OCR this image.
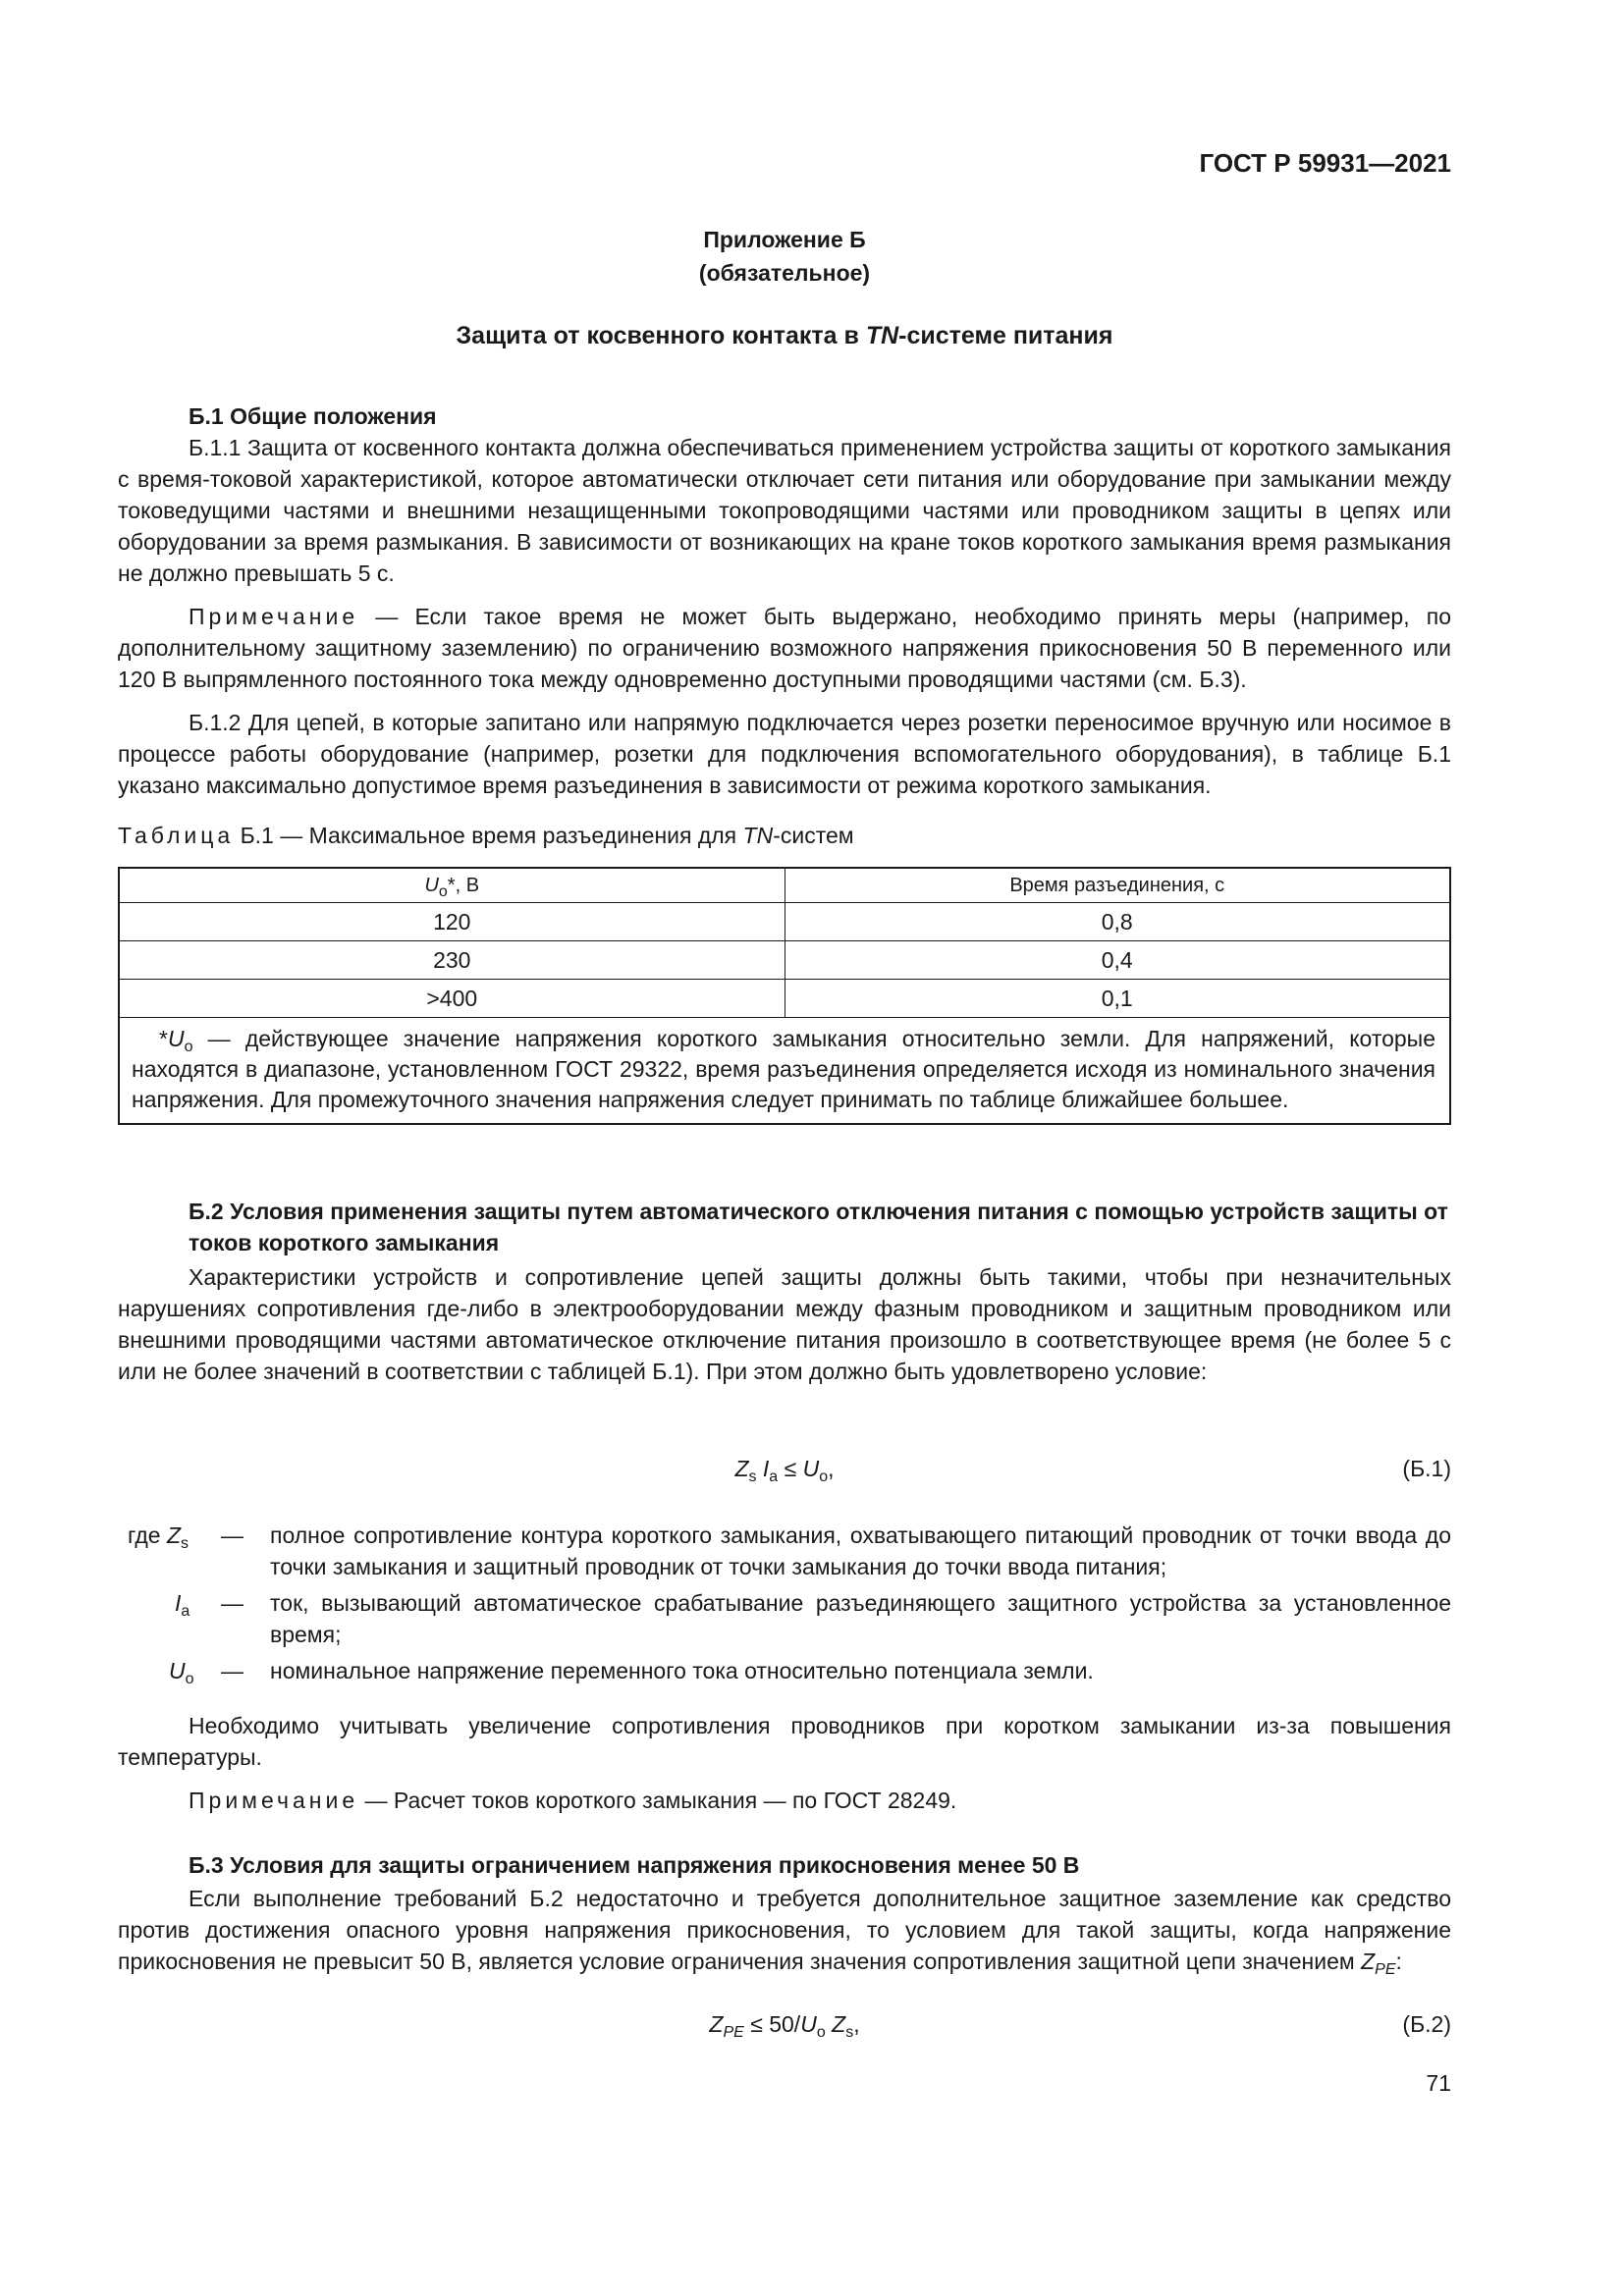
ГОСТ Р 59931—2021
Приложение Б
(обязательное)
Защита от косвенного контакта в TN-системе питания
Б.1 Общие положения

Б.1.1 Защита от косвенного контакта должна обеспечиваться применением устройства защиты от короткого замыкания с время-токовой характеристикой, которое автоматически отключает сети питания или оборудование при замыкании между токоведущими частями и внешними незащищенными токопроводящими частями или проводником защиты в цепях или оборудовании за время размыкания. В зависимости от возникающих на кране токов короткого замыкания время размыкания не должно превышать 5 с.

Примечание — Если такое время не может быть выдержано, необходимо принять меры (например, по дополнительному защитному заземлению) по ограничению возможного напряжения прикосновения 50 В переменного или 120 В выпрямленного постоянного тока между одновременно доступными проводящими частями (см. Б.3).

Б.1.2 Для цепей, в которые запитано или напрямую подключается через розетки переносимое вручную или носимое в процессе работы оборудование (например, розетки для подключения вспомогательного оборудования), в таблице Б.1 указано максимально допустимое время разъединения в зависимости от режима короткого замыкания.

Таблица Б.1 — Максимальное время разъединения для TN-систем
$U_o*$, В	Время разъединения, с
120	0,8
230	0,4
>400	0,1
$*U_o$ — действующее значение напряжения короткого замыкания относительно земли. Для напряжений, которые находятся в диапазоне, установленном ГОСТ 29322, время разъединения определяется исходя из номинального значения напряжения. Для промежуточного значения напряжения следует принимать по таблице ближайшее большее.	
Б.2 Условия применения защиты путем автоматического отключения питания с помощью устройств защиты от токов короткого замыкания

Характеристики устройств и сопротивление цепей защиты должны быть такими, чтобы при незначительных нарушениях сопротивления где-либо в электрооборудовании между фазным проводником и защитным проводником или внешними проводящими частями автоматическое отключение питания произошло в соответствующее время (не более 5 с или не более значений в соответствии с таблицей Б.1). При этом должно быть удовлетворено условие:

$Z_s$ $I_a \le U_o$,	(Б.1)
где $Z_s$ — полное сопротивление контура короткого замыкания, охватывающего питающий проводник от точки ввода до точки замыкания и защитный проводник от точки замыкания до точки ввода питания;
$I_a$ — ток, вызывающий автоматическое срабатывание разъединяющего защитного устройства за установленное время;
$U_o$ — номинальное напряжение переменного тока относительно потенциала земли.

Необходимо учитывать увеличение сопротивления проводников при коротком замыкании из-за повышения температуры.

Примечание — Расчет токов короткого замыкания — по ГОСТ 28249.

Б.3 Условия для защиты ограничением напряжения прикосновения менее 50 В

Если выполнение требований Б.2 недостаточно и требуется дополнительное защитное заземление как средство против достижения опасного уровня напряжения прикосновения, то условием для такой защиты, когда напряжение прикосновения не превысит 50 В, является условие ограничения значения сопротивления защитной цепи значением $Z_{PE}$:

$Z_{PE} \le 50/U_o$ $Z_s$,	(Б.2)
71
